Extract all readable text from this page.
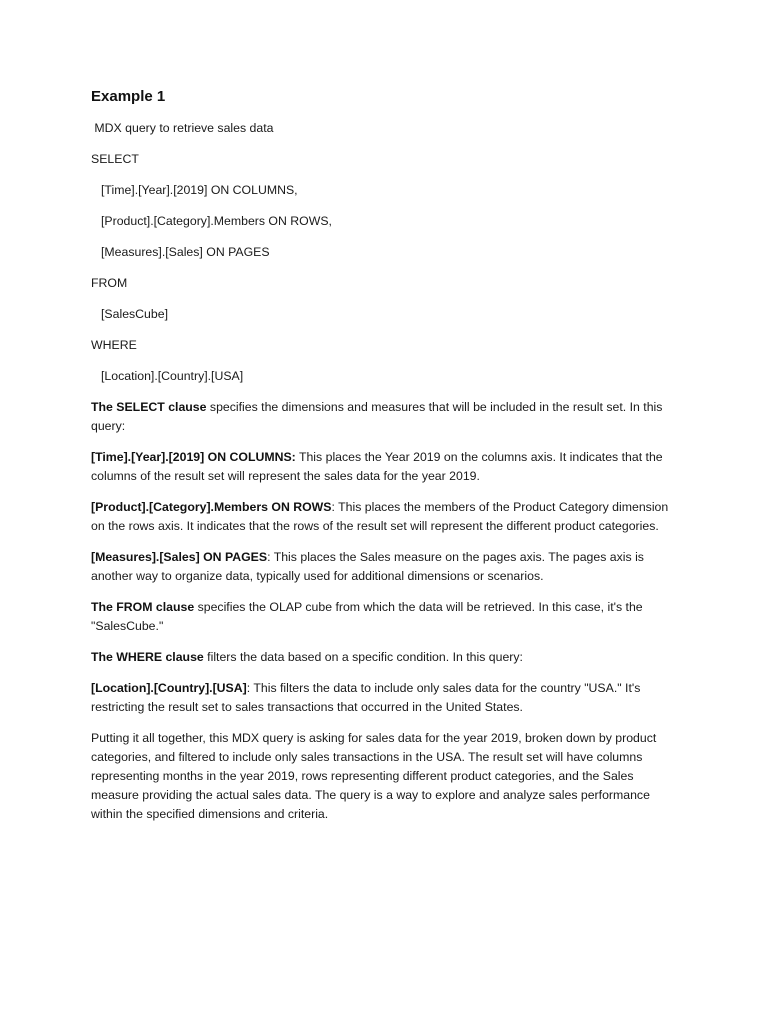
Example 1

MDX query to retrieve sales data

SELECT

[Time].[Year].[2019] ON COLUMNS,

[Product].[Category].Members ON ROWS,

[Measures].[Sales] ON PAGES

FROM

[SalesCube]

WHERE

[Location].[Country].[USA]

The SELECT clause specifies the dimensions and measures that will be included in the result set. In this query:

[Time].[Year].[2019] ON COLUMNS: This places the Year 2019 on the columns axis. It indicates that the columns of the result set will represent the sales data for the year 2019.

[Product].[Category].Members ON ROWS: This places the members of the Product Category dimension on the rows axis. It indicates that the rows of the result set will represent the different product categories.

[Measures].[Sales] ON PAGES: This places the Sales measure on the pages axis. The pages axis is another way to organize data, typically used for additional dimensions or scenarios.

The FROM clause specifies the OLAP cube from which the data will be retrieved. In this case, it's the "SalesCube."

The WHERE clause filters the data based on a specific condition. In this query:

[Location].[Country].[USA]: This filters the data to include only sales data for the country "USA." It's restricting the result set to sales transactions that occurred in the United States.

Putting it all together, this MDX query is asking for sales data for the year 2019, broken down by product categories, and filtered to include only sales transactions in the USA. The result set will have columns representing months in the year 2019, rows representing different product categories, and the Sales measure providing the actual sales data. The query is a way to explore and analyze sales performance within the specified dimensions and criteria.
